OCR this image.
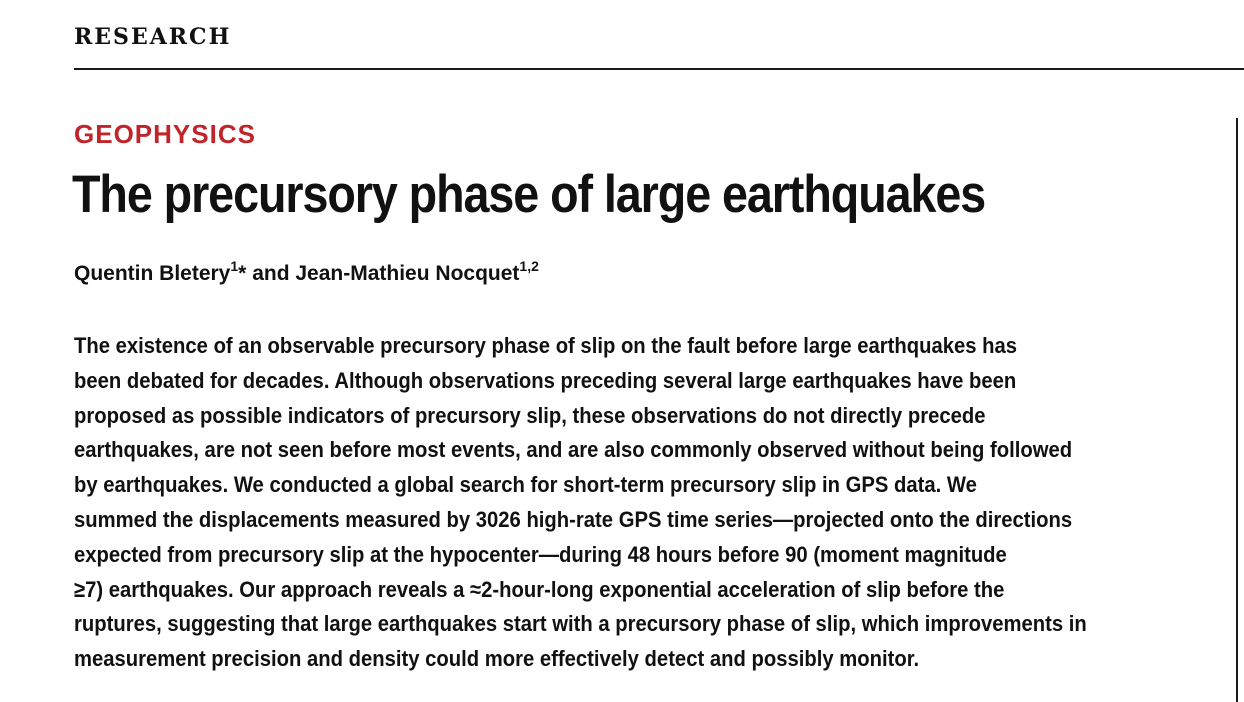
RESEARCH
GEOPHYSICS
The precursory phase of large earthquakes
Quentin Bletery$^1$* and Jean-Mathieu Nocquet$^{1,2}$
The existence of an observable precursory phase of slip on the fault before large earthquakes has
been debated for decades. Although observations preceding several large earthquakes have been
proposed as possible indicators of precursory slip, these observations do not directly precede
earthquakes, are not seen before most events, and are also commonly observed without being followed
by earthquakes. We conducted a global search for short-term precursory slip in GPS data. We
summed the displacements measured by 3026 high-rate GPS time series—projected onto the directions
expected from precursory slip at the hypocenter—during 48 hours before 90 (moment magnitude
≥7) earthquakes. Our approach reveals a ≈2-hour-long exponential acceleration of slip before the
ruptures, suggesting that large earthquakes start with a precursory phase of slip, which improvements in
measurement precision and density could more effectively detect and possibly monitor.
